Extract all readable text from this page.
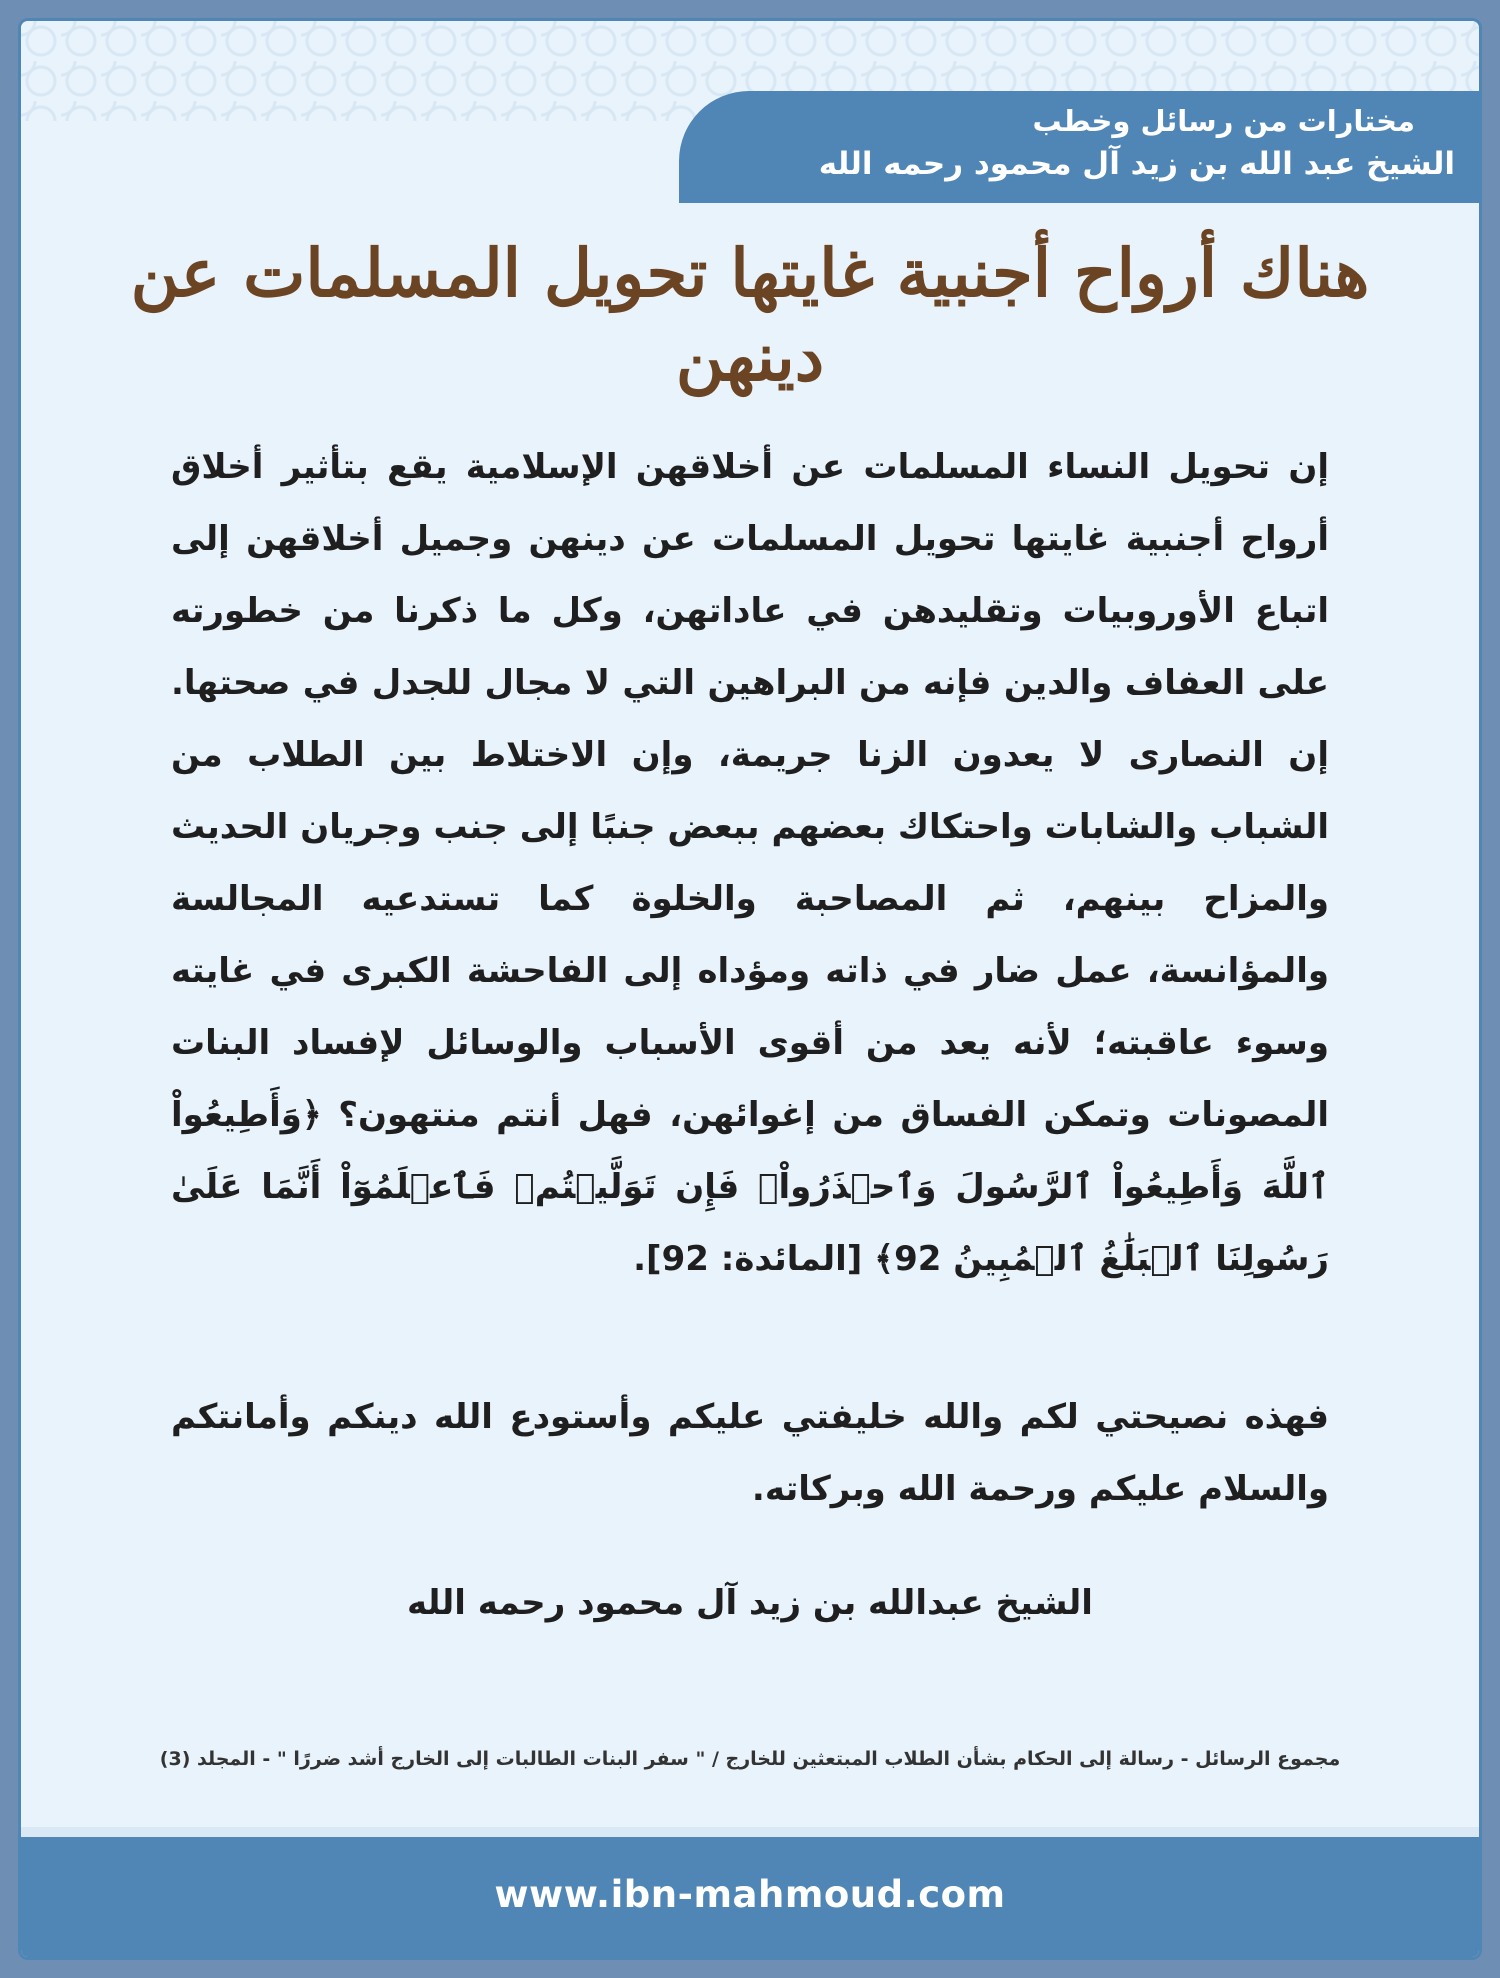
مختارات من رسائل وخطب
الشيخ عبد الله بن زيد آل محمود رحمه الله
هناك أرواح أجنبية غايتها تحويل المسلمات عن دينهن
إن تحويل النساء المسلمات عن أخلاقهن الإسلامية يقع بتأثير أخلاق أرواح أجنبية غايتها تحويل المسلمات عن دينهن وجميل أخلاقهن إلى اتباع الأوروبيات وتقليدهن في عاداتهن، وكل ما ذكرنا من خطورته على العفاف والدين فإنه من البراهين التي لا مجال للجدل في صحتها. إن النصارى لا يعدون الزنا جريمة، وإن الاختلاط بين الطلاب من الشباب والشابات واحتكاك بعضهم ببعض جنبًا إلى جنب وجريان الحديث والمزاح بينهم، ثم المصاحبة والخلوة كما تستدعيه المجالسة والمؤانسة، عمل ضار في ذاته ومؤداه إلى الفاحشة الكبرى في غايته وسوء عاقبته؛ لأنه يعد من أقوى الأسباب والوسائل لإفساد البنات المصونات وتمكن الفساق من إغوائهن، فهل أنتم منتهون؟ ﴿وَأَطِيعُواْ ٱللَّهَ وَأَطِيعُواْ ٱلرَّسُولَ وَٱحۡذَرُواْۚ فَإِن تَوَلَّيۡتُمۡ فَٱعۡلَمُوٓاْ أَنَّمَا عَلَىٰ رَسُولِنَا ٱلۡبَلَٰغُ ٱلۡمُبِينُ 92﴾ [المائدة: 92].
فهذه نصيحتي لكم والله خليفتي عليكم وأستودع الله دينكم وأمانتكم والسلام عليكم ورحمة الله وبركاته.
الشيخ عبدالله بن زيد آل محمود رحمه الله
مجموع الرسائل - رسالة إلى الحكام بشأن الطلاب المبتعثين للخارج / " سفر البنات الطالبات إلى الخارج أشد ضررًا " - المجلد (3)
www.ibn-mahmoud.com
